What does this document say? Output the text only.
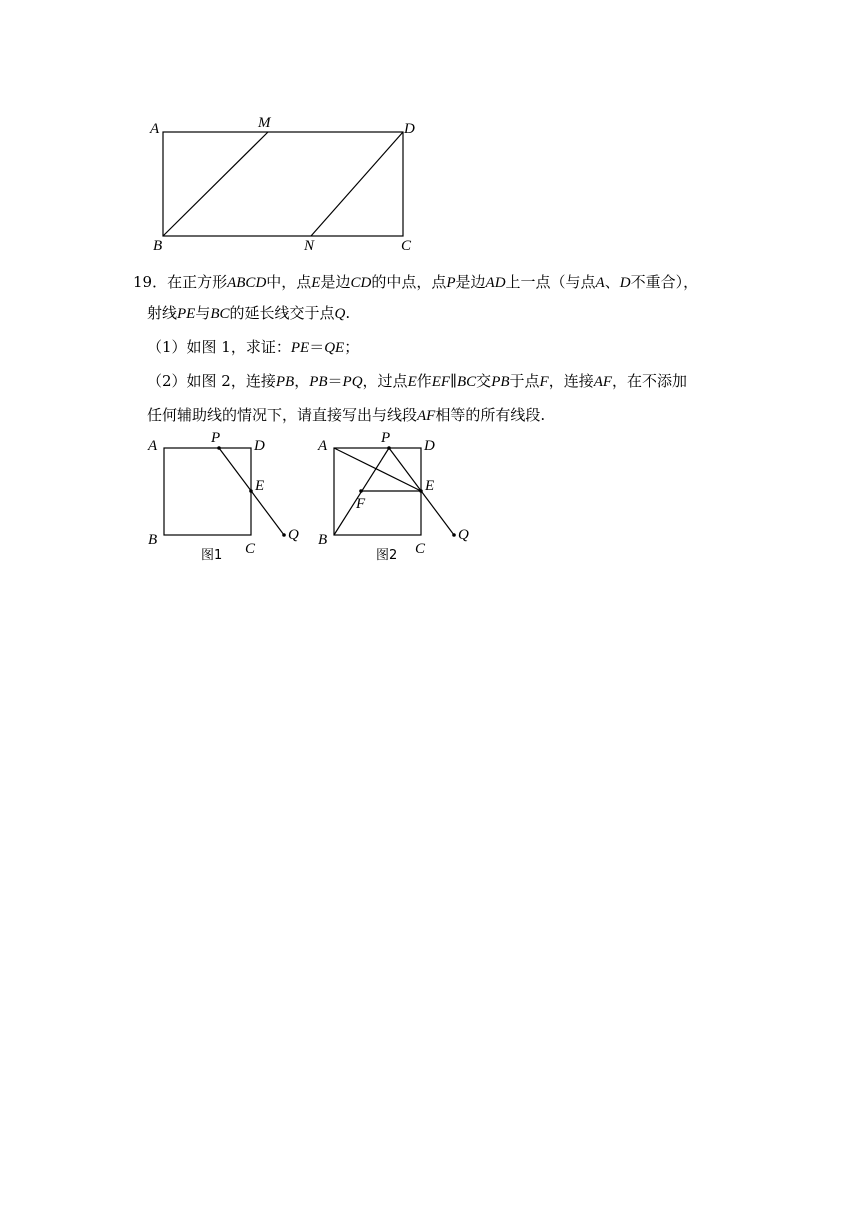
A	M	D
B	N	C
19．在正方形ABCD中，点E是边CD的中点，点P是边AD上一点（与点A、D不重合），
射线PE与BC的延长线交于点Q.
（1）如图 1，求证：PE＝QE；
（2）如图 2，连接PB，PB＝PQ，过点E作EF∥BC交PB于点F，连接AF，在不添加
任何辅助线的情况下，请直接写出与线段AF相等的所有线段.
A	P D
E
B
C
Q
图1
A	P D
E
F
B
C
Q
图2
